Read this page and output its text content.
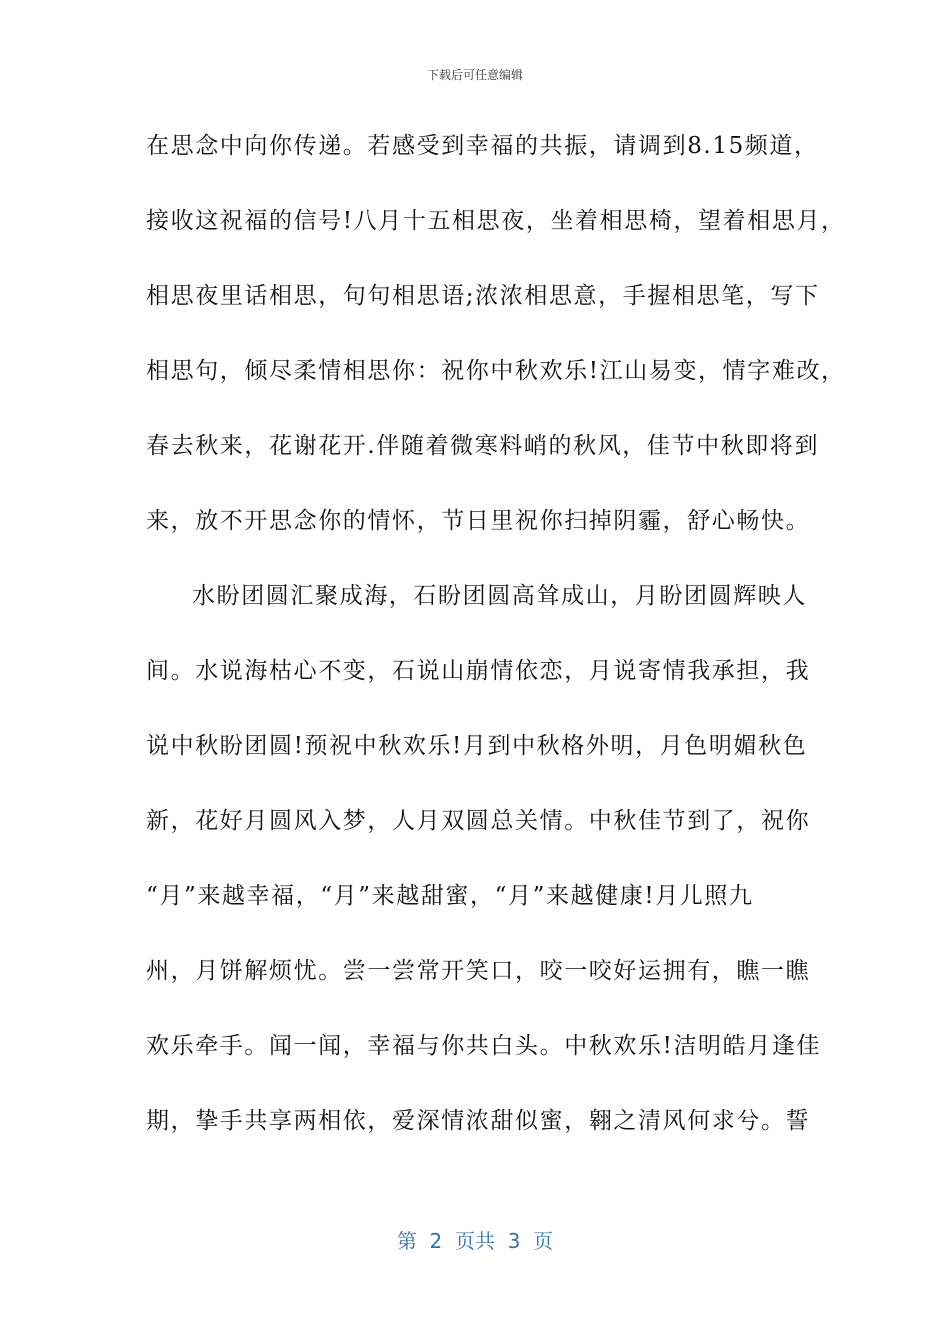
下载后可任意编辑
在思念中向你传递。若感受到幸福的共振，请调到8.15频道，
接收这祝福的信号!八月十五相思夜，坐着相思椅，望着相思月，
相思夜里话相思，句句相思语;浓浓相思意，手握相思笔，写下
相思句，倾尽柔情相思你：祝你中秋欢乐!江山易变，情字难改，
春去秋来，花谢花开.伴随着微寒料峭的秋风，佳节中秋即将到
来，放不开思念你的情怀，节日里祝你扫掉阴霾，舒心畅快。
水盼团圆汇聚成海，石盼团圆高耸成山，月盼团圆辉映人
间。水说海枯心不变，石说山崩情依恋，月说寄情我承担，我
说中秋盼团圆!预祝中秋欢乐!月到中秋格外明，月色明媚秋色
新，花好月圆风入梦，人月双圆总关情。中秋佳节到了，祝你
“月”来越幸福，“月”来越甜蜜，“月”来越健康!月儿照九
州，月饼解烦忧。尝一尝常开笑口，咬一咬好运拥有，瞧一瞧
欢乐牵手。闻一闻，幸福与你共白头。中秋欢乐!洁明皓月逢佳
期，挚手共享两相依，爱深情浓甜似蜜，翱之清风何求兮。誓
第  2  页共  3  页
